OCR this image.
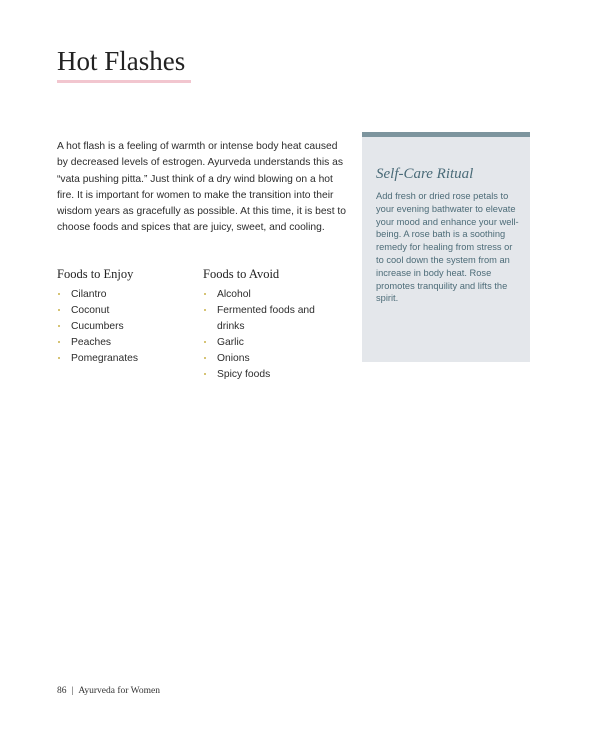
Hot Flashes

A hot flash is a feeling of warmth or intense body heat caused by decreased levels of estrogen. Ayurveda understands this as “vata pushing pitta.” Just think of a dry wind blowing on a hot fire. It is important for women to make the transition into their wisdom years as gracefully as possible. At this time, it is best to choose foods and spices that are juicy, sweet, and cooling.

Foods to Enjoy
Cilantro
Coconut
Cucumbers
Peaches
Pomegranates
Foods to Avoid
Alcohol
Fermented foods and drinks
Garlic
Onions
Spicy foods
Self-Care Ritual

Add fresh or dried rose petals to your evening bathwater to elevate your mood and enhance your well-being. A rose bath is a soothing remedy for healing from stress or to cool down the system from an increase in body heat. Rose promotes tranquility and lifts the spirit.

86 | Ayurveda for Women
